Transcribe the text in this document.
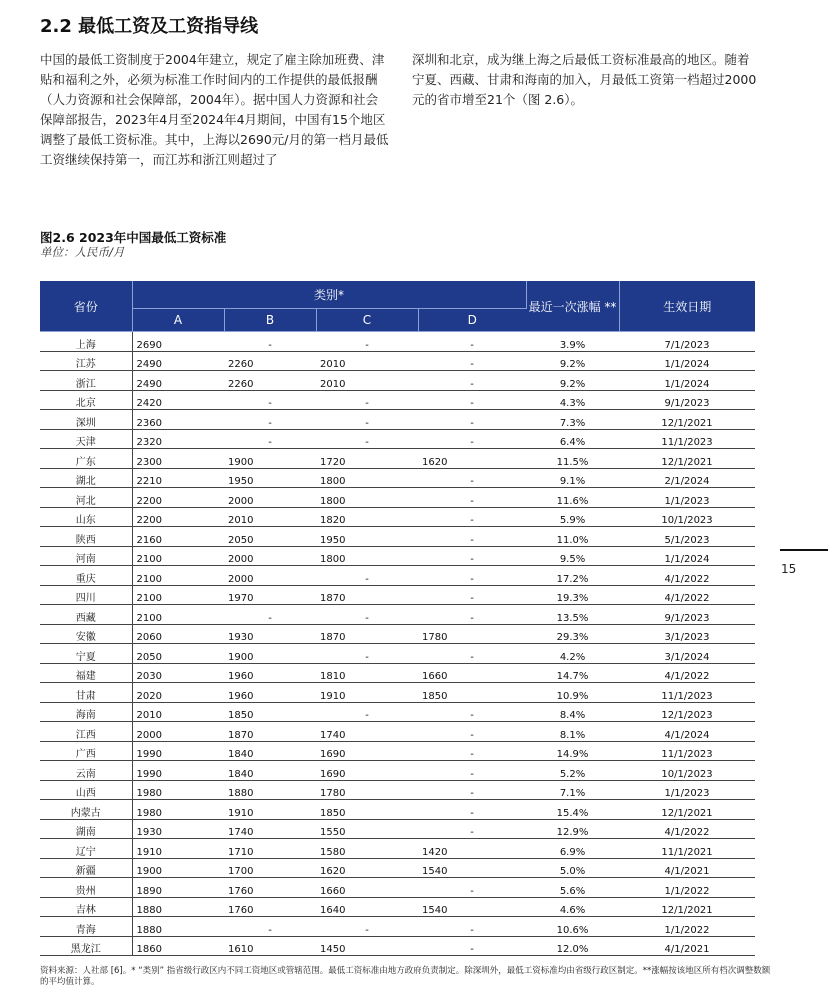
2.2 最低工资及工资指导线

中国的最低工资制度于2004年建立，规定了雇主除加班费、津贴和福利之外，必须为标准工作时间内的工作提供的最低报酬（人力资源和社会保障部，2004年）。据中国人力资源和社会保障部报告，2023年4月至2024年4月期间，中国有15个地区调整了最低工资标准。其中，上海以2690元/月的第一档月最低工资继续保持第一，而江苏和浙江则超过了

深圳和北京，成为继上海之后最低工资标准最高的地区。随着宁夏、西藏、甘肃和海南的加入，月最低工资第一档超过2000元的省市增至21个（图 2.6）。

图2.6 2023年中国最低工资标准

单位：人民币/月

省份	类别*				最近一次涨幅 **	生效日期
	A	B	C	D		
上海	2690	-	-	-	3.9%	7/1/2023
江苏	2490	2260	2010	-	9.2%	1/1/2024
浙江	2490	2260	2010	-	9.2%	1/1/2024
北京	2420	-	-	-	4.3%	9/1/2023
深圳	2360	-	-	-	7.3%	12/1/2021
天津	2320	-	-	-	6.4%	11/1/2023
广东	2300	1900	1720	1620	11.5%	12/1/2021
湖北	2210	1950	1800	-	9.1%	2/1/2024
河北	2200	2000	1800	-	11.6%	1/1/2023
山东	2200	2010	1820	-	5.9%	10/1/2023
陕西	2160	2050	1950	-	11.0%	5/1/2023
河南	2100	2000	1800	-	9.5%	1/1/2024
重庆	2100	2000	-	-	17.2%	4/1/2022
四川	2100	1970	1870	-	19.3%	4/1/2022
西藏	2100	-	-	-	13.5%	9/1/2023
安徽	2060	1930	1870	1780	29.3%	3/1/2023
宁夏	2050	1900	-	-	4.2%	3/1/2024
福建	2030	1960	1810	1660	14.7%	4/1/2022
甘肃	2020	1960	1910	1850	10.9%	11/1/2023
海南	2010	1850	-	-	8.4%	12/1/2023
江西	2000	1870	1740	-	8.1%	4/1/2024
广西	1990	1840	1690	-	14.9%	11/1/2023
云南	1990	1840	1690	-	5.2%	10/1/2023
山西	1980	1880	1780	-	7.1%	1/1/2023
内蒙古	1980	1910	1850	-	15.4%	12/1/2021
湖南	1930	1740	1550	-	12.9%	4/1/2022
辽宁	1910	1710	1580	1420	6.9%	11/1/2021
新疆	1900	1700	1620	1540	5.0%	4/1/2021
贵州	1890	1760	1660	-	5.6%	1/1/2022
吉林	1880	1760	1640	1540	4.6%	12/1/2021
青海	1880	-	-	-	10.6%	1/1/2022
黑龙江	1860	1610	1450	-	12.0%	4/1/2021

资料来源：人社部 [6]。* “类别” 指省级行政区内不同工资地区或管辖范围。最低工资标准由地方政府负责制定。除深圳外，最低工资标准均由省级行政区制定。**涨幅按该地区所有档次调整数额的平均值计算。

15
